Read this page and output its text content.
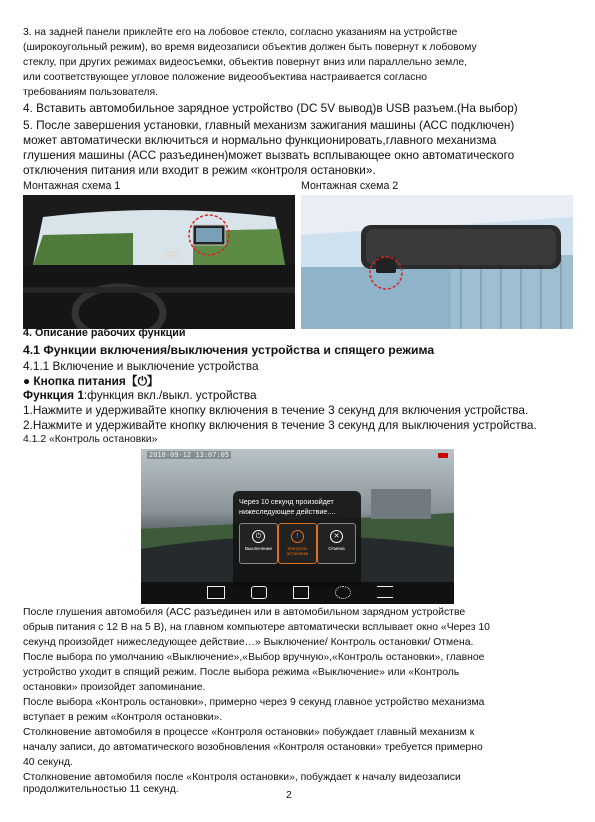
3. на задней панели приклейте его на лобовое стекло, согласно указаниям на устройстве

(широкоугольный режим), во время видеозаписи объектив должен быть повернут к лобовому

стеклу, при других режимах видеосъемки, объектив повернут вниз или параллельно земле,

или соответствующее угловое положение видеообъектива настраивается согласно

требованиям пользователя.

4. Вставить автомобильное зарядное устройство (DC 5V вывод)в USB разъем.(На выбор)

5. После завершения установки, главный механизм зажигания машины (АСС подключен)

может автоматически включиться и нормально функционировать,главного механизма

глушения машины (АСС разъединен)может вызвать всплывающее окно автоматического

отключения питания или входит в режим «контроля остановки».

Монтажная схема 1	Монтажная схема 2

4. Описание рабочих функций

4.1 Функции включения/выключения устройства и спящего режима

4.1.1 Включение и выключение устройства

● Кнопка питания【⏻】

Функция 1:функция вкл./выкл. устройства

1.Нажмите и удерживайте кнопку включения в течение 3 секунд для включения устройства.

2.Нажмите и удерживайте кнопку включения в течение 3 секунд для выключения устройства.

4.1.2 «Контроль остановки»

2018-09-12 13:07:05
Через 10 секунд произойдет
нижеследующее действие....
⏻
Выключение
!
Контроль остановки
✕
Отмена

После глушения автомобиля (АСС разъединен или в автомобильном зарядном устройстве

обрыв питания с 12 В на 5 В), на главном компьютере автоматически всплывает окно «Через 10

секунд произойдет нижеследующее действие…» Выключение/ Контроль остановки/ Отмена.

После выбора по умолчанию «Выключение»,«Выбор вручную»,«Контроль остановки», главное

устройство уходит в спящий режим. После выбора режима «Выключение» или «Контроль

остановки» произойдет запоминание.

После выбора «Контроль остановки», примерно через 9 секунд главное устройство механизма

вступает в режим «Контроля остановки».

Столкновение автомобиля в процессе «Контроля остановки» побуждает главный механизм к

началу записи, до автоматического возобновления «Контроля остановки» требуется примерно

40 секунд.

Столкновение автомобиля после «Контроля остановки», побуждает к началу видеозаписи

продолжительностью 11 секунд.	2
